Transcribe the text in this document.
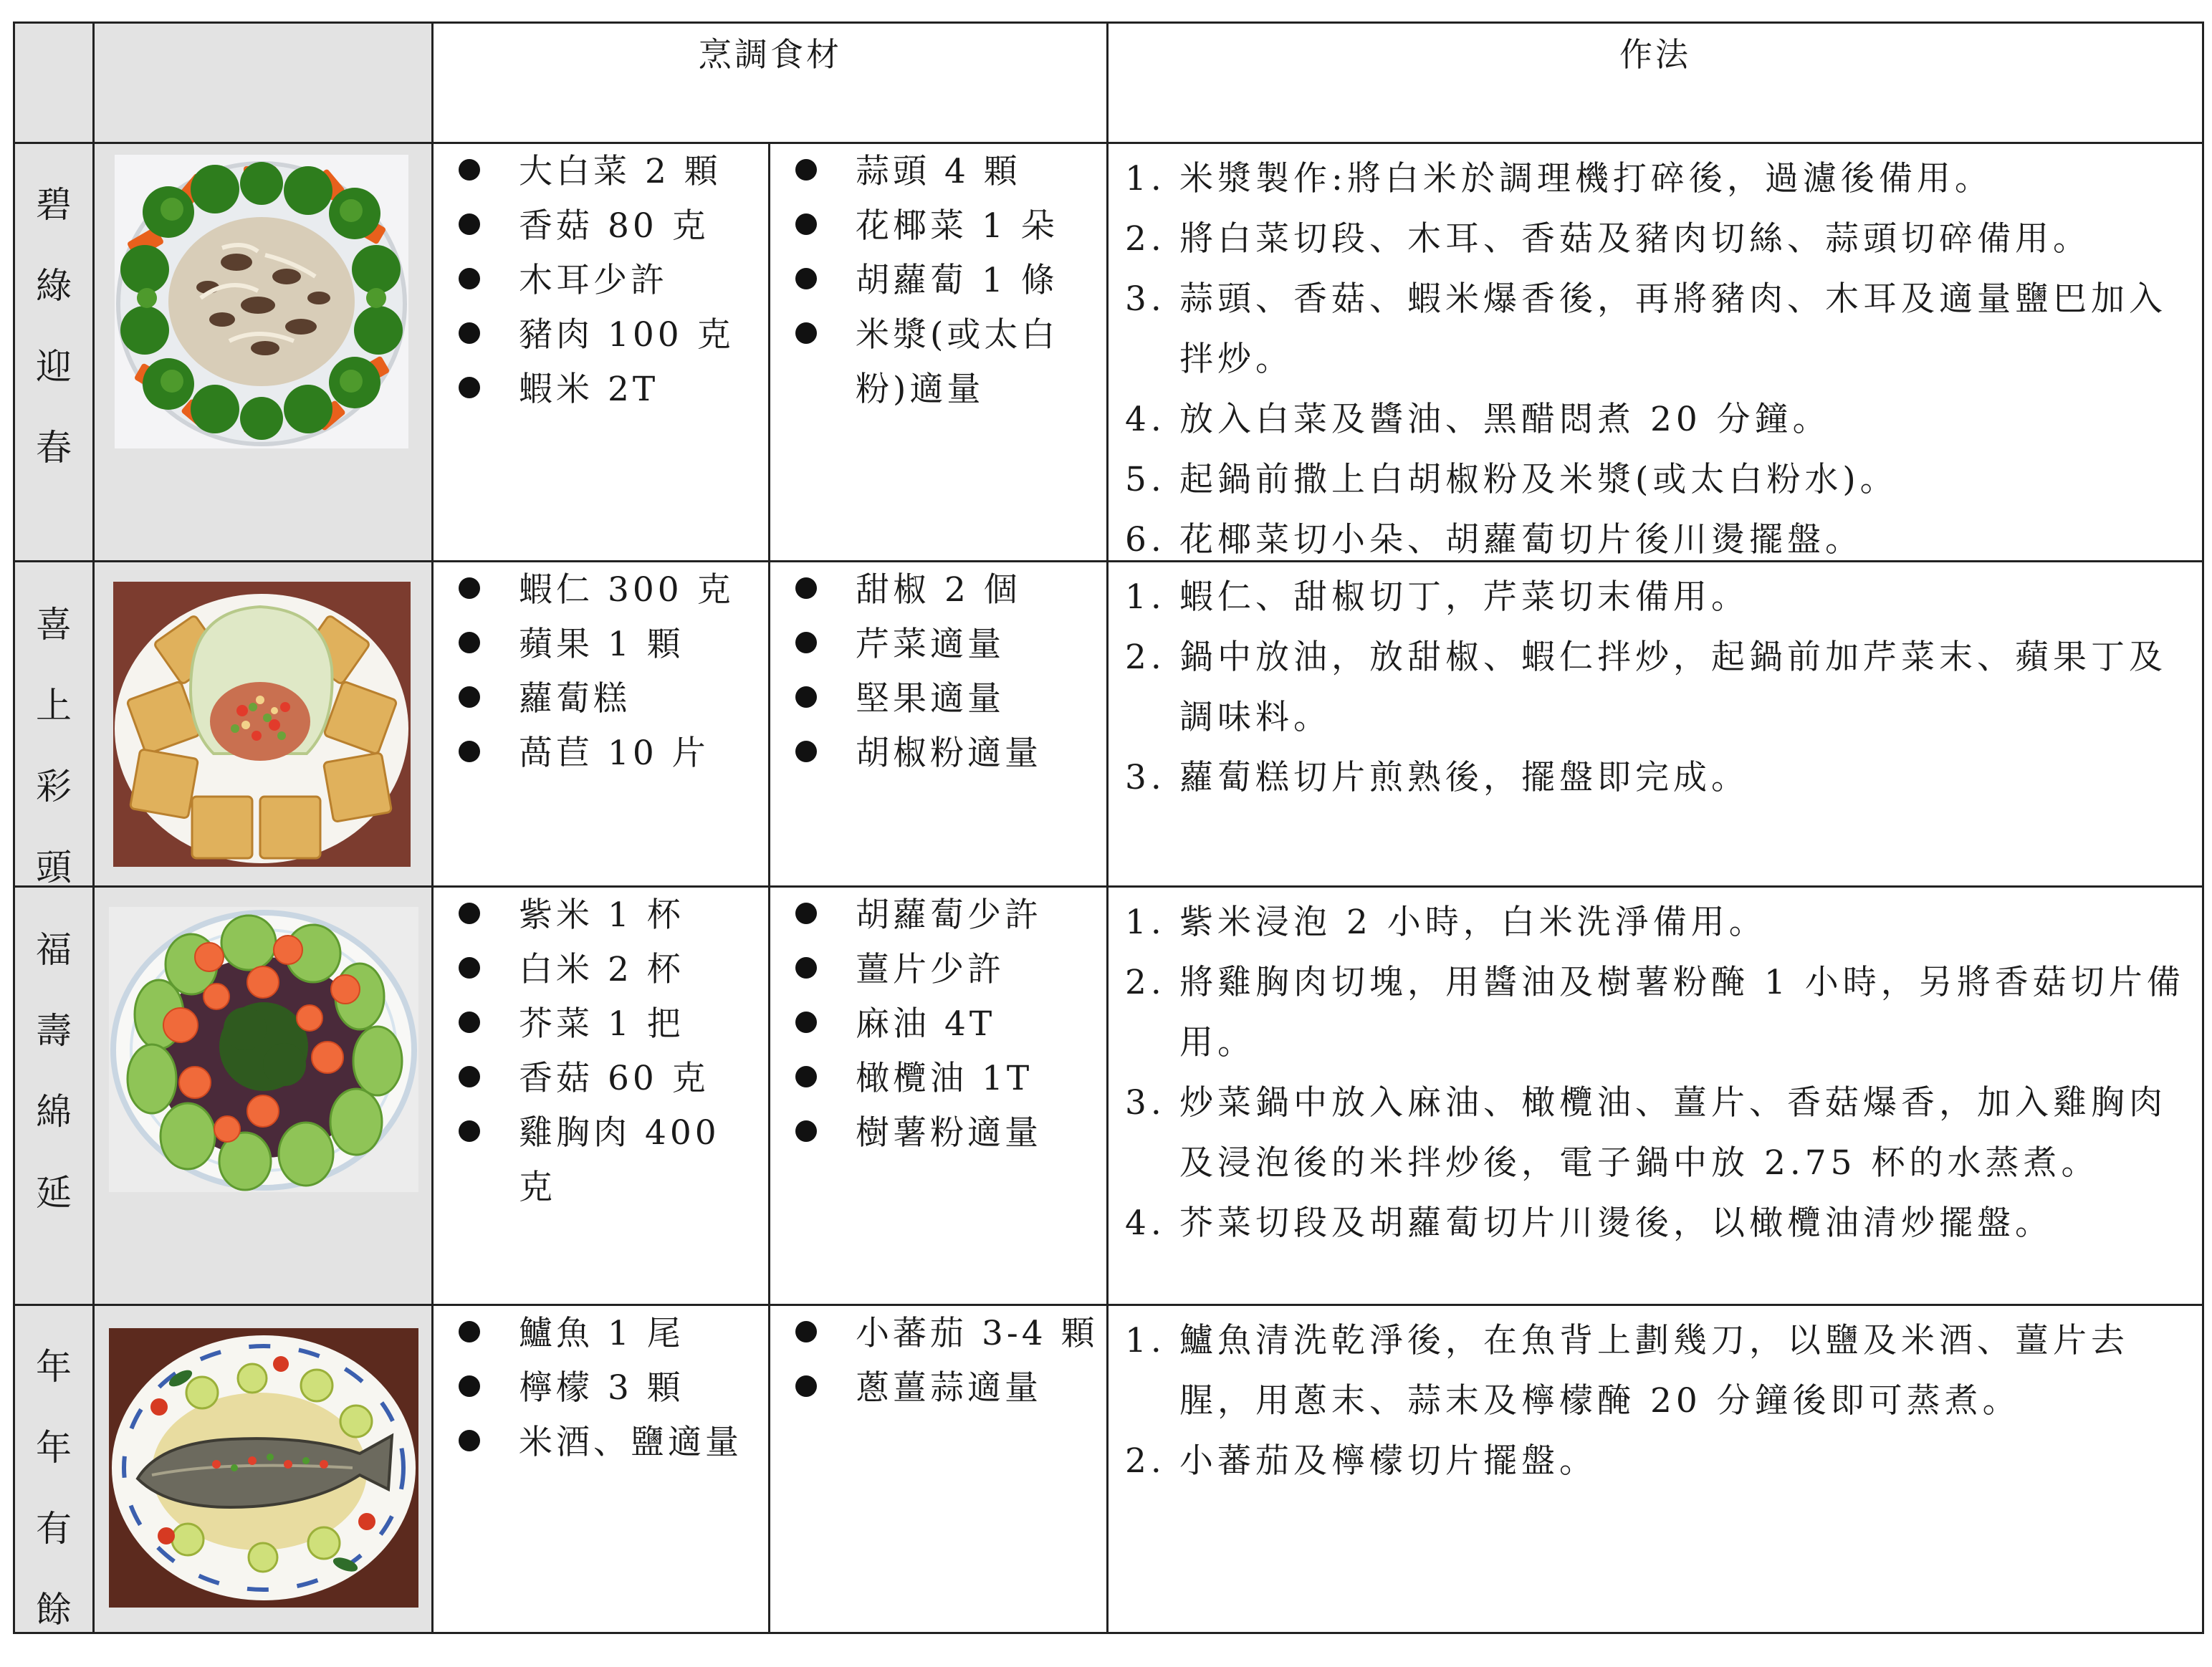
烹調食材	作法
碧
綠
迎
春
大白菜 2 顆
香菇 80 克
木耳少許
豬肉 100 克
蝦米 2T
蒜頭 4 顆
花椰菜 1 朵
胡蘿蔔 1 條
米漿(或太白粉)適量
1. 米漿製作:將白米於調理機打碎後，過濾後備用。
2. 將白菜切段、木耳、香菇及豬肉切絲、蒜頭切碎備用。
3. 蒜頭、香菇、蝦米爆香後，再將豬肉、木耳及適量鹽巴加入拌炒。
4. 放入白菜及醬油、黑醋悶煮 20 分鐘。
5. 起鍋前撒上白胡椒粉及米漿(或太白粉水)。
6. 花椰菜切小朵、胡蘿蔔切片後川燙擺盤。
喜
上
彩
頭
蝦仁 300 克
蘋果 1 顆
蘿蔔糕
萵苣 10 片
甜椒 2 個
芹菜適量
堅果適量
胡椒粉適量
1. 蝦仁、甜椒切丁，芹菜切末備用。
2. 鍋中放油，放甜椒、蝦仁拌炒，起鍋前加芹菜末、蘋果丁及調味料。
3. 蘿蔔糕切片煎熟後，擺盤即完成。
福
壽
綿
延
紫米 1 杯
白米 2 杯
芥菜 1 把
香菇 60 克
雞胸肉 400 克
胡蘿蔔少許
薑片少許
麻油 4T
橄欖油 1T
樹薯粉適量
1. 紫米浸泡 2 小時，白米洗淨備用。
2. 將雞胸肉切塊，用醬油及樹薯粉醃 1 小時，另將香菇切片備用。
3. 炒菜鍋中放入麻油、橄欖油、薑片、香菇爆香，加入雞胸肉及浸泡後的米拌炒後，電子鍋中放 2.75 杯的水蒸煮。
4. 芥菜切段及胡蘿蔔切片川燙後，以橄欖油清炒擺盤。
年
年
有
餘
鱸魚 1 尾
檸檬 3 顆
米酒、鹽適量
小蕃茄 3-4 顆
蔥薑蒜適量
1. 鱸魚清洗乾淨後，在魚背上劃幾刀，以鹽及米酒、薑片去腥，用蔥末、蒜末及檸檬醃 20 分鐘後即可蒸煮。
2. 小蕃茄及檸檬切片擺盤。
